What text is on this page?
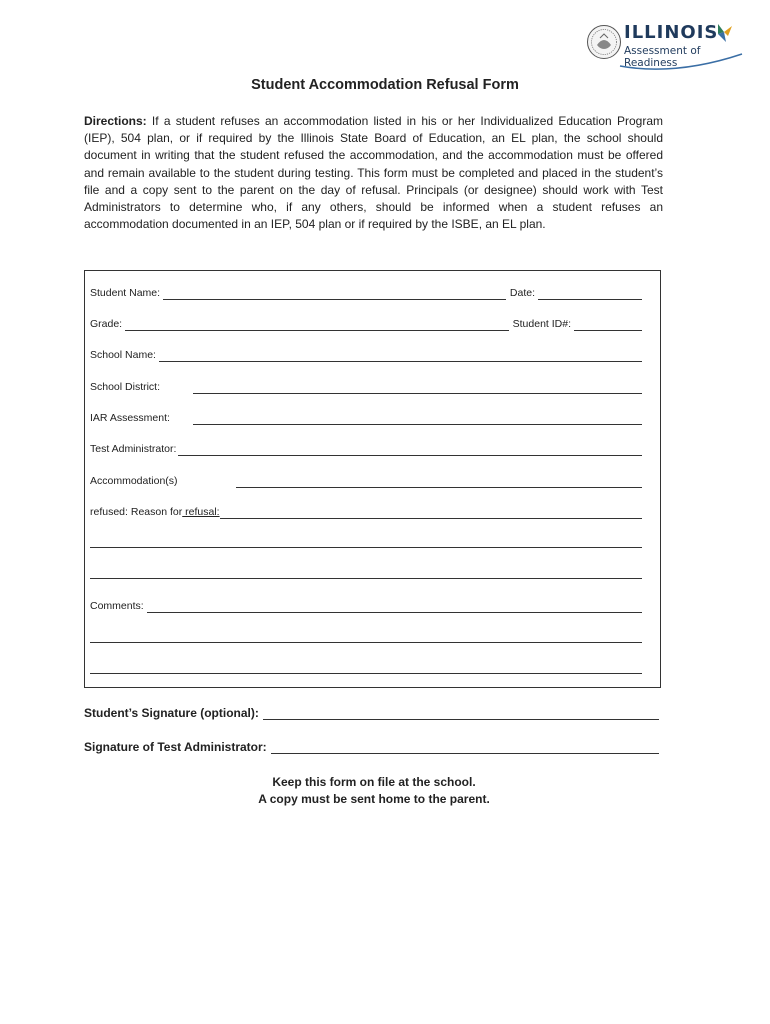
ILLINOIS
Assessment of Readiness
Student Accommodation Refusal Form
Directions: If a student refuses an accommodation listed in his or her Individualized Education Program (IEP), 504 plan, or if required by the Illinois State Board of Education, an EL plan, the school should document in writing that the student refused the accommodation, and the accommodation must be offered and remain available to the student during testing. This form must be completed and placed in the student’s file and a copy sent to the parent on the day of refusal. Principals (or designee) should work with Test Administrators to determine who, if any others, should be informed when a student refuses an accommodation documented in an IEP, 504 plan or if required by the ISBE, an EL plan.
Student Name:	Date:
Grade:	Student ID#:
School Name:
School District:
IAR Assessment:
Test Administrator:
Accommodation(s)
refused: Reason for refusal:
Comments:
Student’s Signature (optional):
Signature of Test Administrator:
Keep this form on file at the school.
A copy must be sent home to the parent.
